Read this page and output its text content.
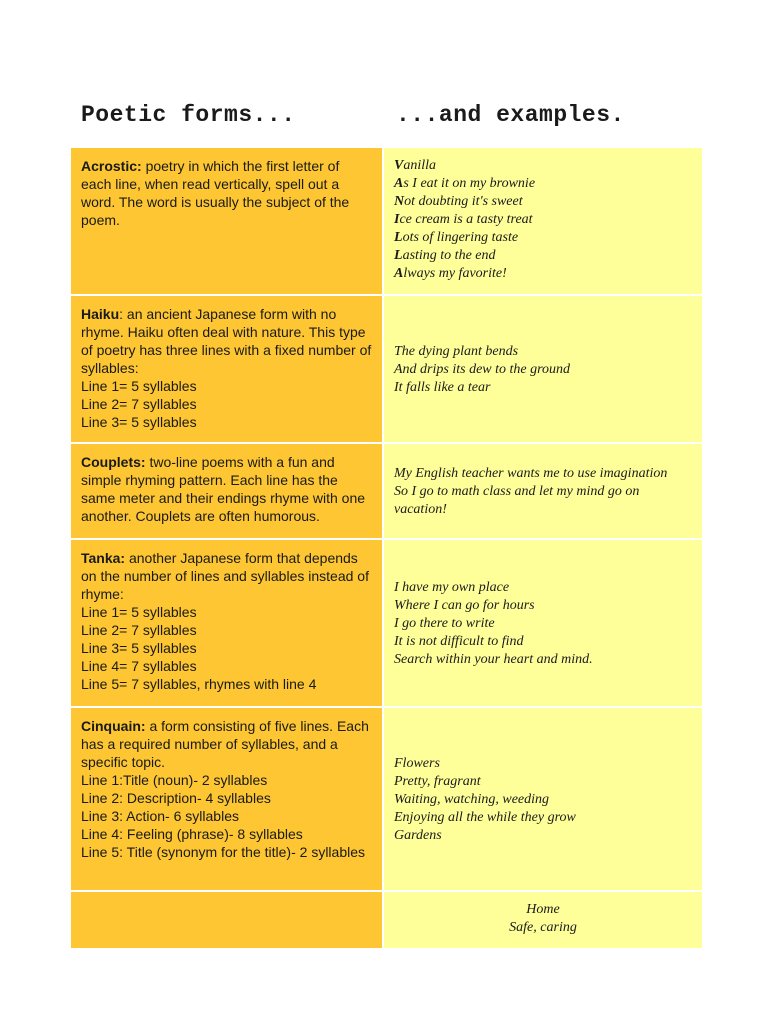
Poetic forms...	...and examples.
Acrostic: poetry in which the first letter of each line, when read vertically, spell out a word. The word is usually the subject of the poem.
Vanilla
As I eat it on my brownie
Not doubting it's sweet
Ice cream is a tasty treat
Lots of lingering taste
Lasting to the end
Always my favorite!
Haiku: an ancient Japanese form with no rhyme. Haiku often deal with nature. This type of poetry has three lines with a fixed number of syllables:
Line 1= 5 syllables
Line 2= 7 syllables
Line 3= 5 syllables
The dying plant bends
And drips its dew to the ground
It falls like a tear
Couplets: two-line poems with a fun and simple rhyming pattern. Each line has the same meter and their endings rhyme with one another. Couplets are often humorous.
My English teacher wants me to use imagination
So I go to math class and let my mind go on vacation!
Tanka: another Japanese form that depends on the number of lines and syllables instead of rhyme:
Line 1= 5 syllables
Line 2= 7 syllables
Line 3= 5 syllables
Line 4= 7 syllables
Line 5= 7 syllables, rhymes with line 4
I have my own place
Where I can go for hours
I go there to write
It is not difficult to find
Search within your heart and mind.
Cinquain: a form consisting of five lines. Each has a required number of syllables, and a specific topic.
Line 1:Title (noun)- 2 syllables
Line 2: Description- 4 syllables
Line 3: Action- 6 syllables
Line 4: Feeling (phrase)- 8 syllables
Line 5: Title (synonym for the title)- 2 syllables
Flowers
Pretty, fragrant
Waiting, watching, weeding
Enjoying all the while they grow
Gardens
Home
Safe, caring
